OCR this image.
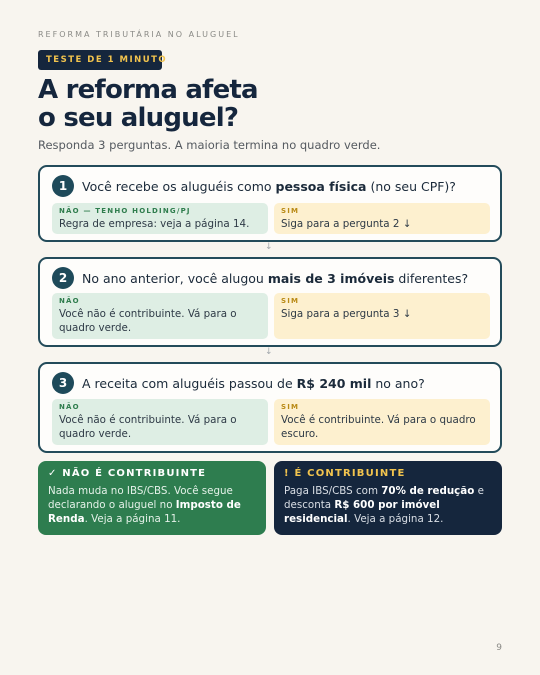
REFORMA TRIBUTÁRIA NO ALUGUEL
TESTE DE 1 MINUTO
A reforma afeta
o seu aluguel?
Responda 3 perguntas. A maioria termina no quadro verde.
1	Você recebe os aluguéis como pessoa física (no seu CPF)?
NÃO — TENHO HOLDING/PJ
Regra de empresa: veja a página 14.
SIM
Siga para a pergunta 2 ↓
↓
2	No ano anterior, você alugou mais de 3 imóveis diferentes?
NÃO
Você não é contribuinte. Vá para o quadro verde.
SIM
Siga para a pergunta 3 ↓
↓
3	A receita com aluguéis passou de R$ 240 mil no ano?
NÃO
Você não é contribuinte. Vá para o quadro verde.
SIM
Você é contribuinte. Vá para o quadro escuro.
✓ NÃO É CONTRIBUINTE
Nada muda no IBS/CBS. Você segue declarando o aluguel no Imposto de Renda. Veja a página 11.
! É CONTRIBUINTE
Paga IBS/CBS com 70% de redução e desconta R$ 600 por imóvel residencial. Veja a página 12.
9
